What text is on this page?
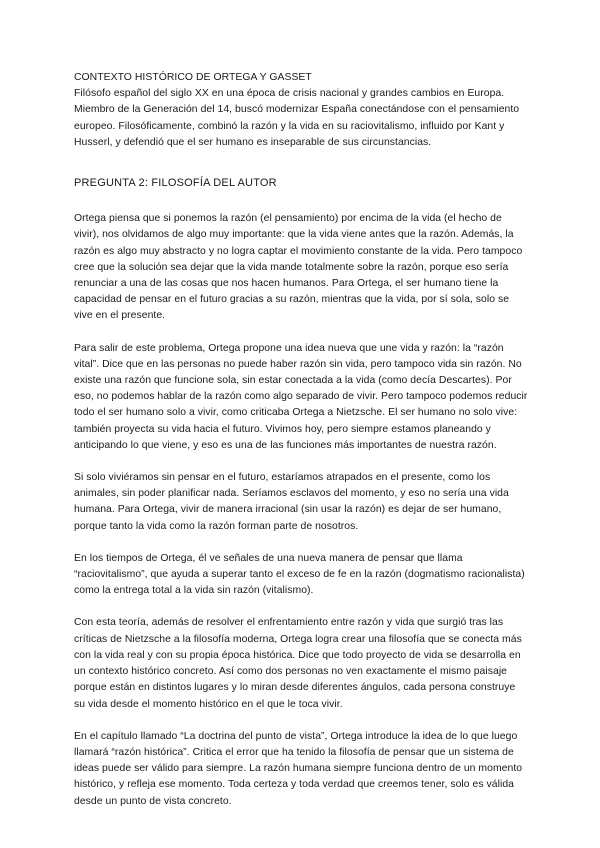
CONTEXTO HISTÓRICO DE ORTEGA Y GASSET

Filósofo español del siglo XX en una época de crisis nacional y grandes cambios en Europa.

Miembro de la Generación del 14, buscó modernizar España conectándose con el pensamiento europeo. Filosóficamente, combinó la razón y la vida en su raciovitalismo, influido por Kant y Husserl, y defendió que el ser humano es inseparable de sus circunstancias.

PREGUNTA 2: FILOSOFÍA DEL AUTOR

Ortega piensa que si ponemos la razón (el pensamiento) por encima de la vida (el hecho de vivir), nos olvidamos de algo muy importante: que la vida viene antes que la razón. Además, la razón es algo muy abstracto y no logra captar el movimiento constante de la vida. Pero tampoco cree que la solución sea dejar que la vida mande totalmente sobre la razón, porque eso sería renunciar a una de las cosas que nos hacen humanos. Para Ortega, el ser humano tiene la capacidad de pensar en el futuro gracias a su razón, mientras que la vida, por sí sola, solo se vive en el presente.

Para salir de este problema, Ortega propone una idea nueva que une vida y razón: la “razón vital”. Dice que en las personas no puede haber razón sin vida, pero tampoco vida sin razón. No existe una razón que funcione sola, sin estar conectada a la vida (como decía Descartes). Por eso, no podemos hablar de la razón como algo separado de vivir. Pero tampoco podemos reducir todo el ser humano solo a vivir, como criticaba Ortega a Nietzsche. El ser humano no solo vive: también proyecta su vida hacia el futuro. Vivimos hoy, pero siempre estamos planeando y anticipando lo que viene, y eso es una de las funciones más importantes de nuestra razón.

Si solo viviéramos sin pensar en el futuro, estaríamos atrapados en el presente, como los animales, sin poder planificar nada. Seríamos esclavos del momento, y eso no sería una vida humana. Para Ortega, vivir de manera irracional (sin usar la razón) es dejar de ser humano, porque tanto la vida como la razón forman parte de nosotros.

En los tiempos de Ortega, él ve señales de una nueva manera de pensar que llama “raciovitalismo”, que ayuda a superar tanto el exceso de fe en la razón (dogmatismo racionalista) como la entrega total a la vida sin razón (vitalismo).

Con esta teoría, además de resolver el enfrentamiento entre razón y vida que surgió tras las críticas de Nietzsche a la filosofía moderna, Ortega logra crear una filosofía que se conecta más con la vida real y con su propia época histórica. Dice que todo proyecto de vida se desarrolla en un contexto histórico concreto. Así como dos personas no ven exactamente el mismo paisaje porque están en distintos lugares y lo miran desde diferentes ángulos, cada persona construye su vida desde el momento histórico en el que le toca vivir.

En el capítulo llamado “La doctrina del punto de vista”, Ortega introduce la idea de lo que luego llamará “razón histórica”. Critica el error que ha tenido la filosofía de pensar que un sistema de ideas puede ser válido para siempre. La razón humana siempre funciona dentro de un momento histórico, y refleja ese momento. Toda certeza y toda verdad que creemos tener, solo es válida desde un punto de vista concreto.
